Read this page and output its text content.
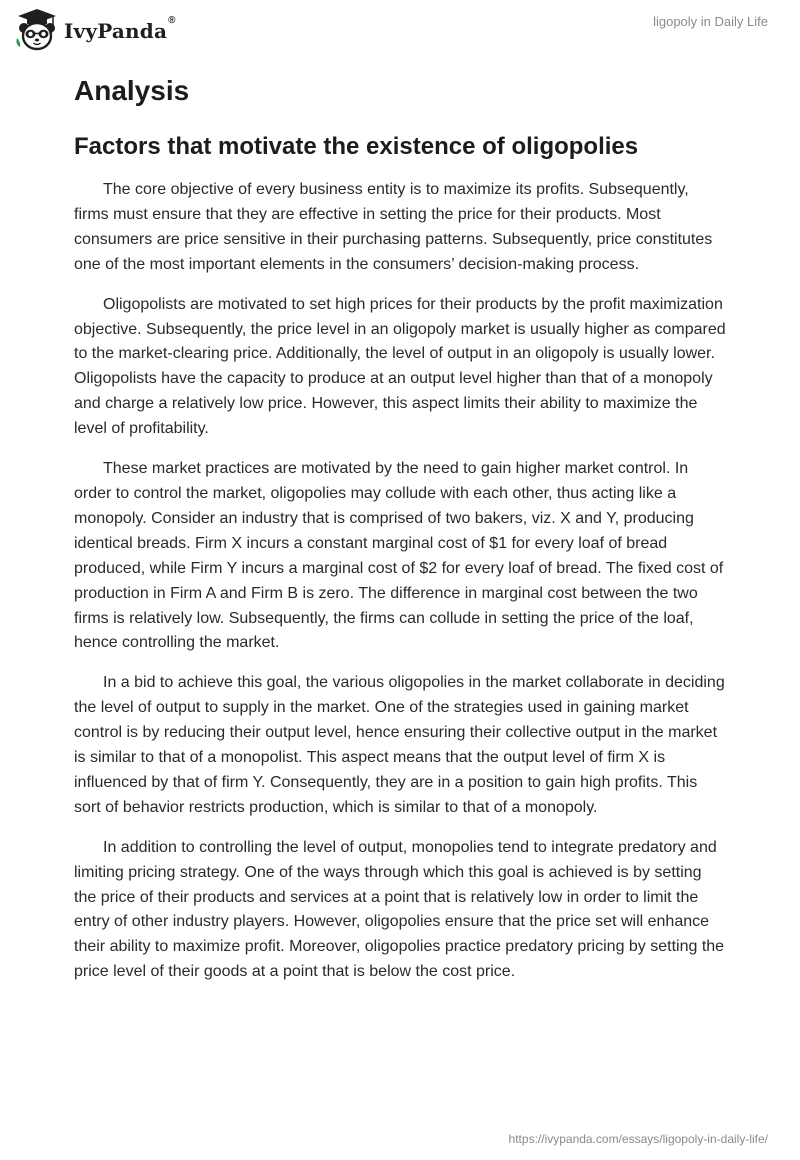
IvyPanda®	ligopoly in Daily Life
Analysis
Factors that motivate the existence of oligopolies

The core objective of every business entity is to maximize its profits. Subsequently, firms must ensure that they are effective in setting the price for their products. Most consumers are price sensitive in their purchasing patterns. Subsequently, price constitutes one of the most important elements in the consumers’ decision-making process.

Oligopolists are motivated to set high prices for their products by the profit maximization objective. Subsequently, the price level in an oligopoly market is usually higher as compared to the market-clearing price. Additionally, the level of output in an oligopoly is usually lower. Oligopolists have the capacity to produce at an output level higher than that of a monopoly and charge a relatively low price. However, this aspect limits their ability to maximize the level of profitability.

These market practices are motivated by the need to gain higher market control. In order to control the market, oligopolies may collude with each other, thus acting like a monopoly. Consider an industry that is comprised of two bakers, viz. X and Y, producing identical breads. Firm X incurs a constant marginal cost of $1 for every loaf of bread produced, while Firm Y incurs a marginal cost of $2 for every loaf of bread. The fixed cost of production in Firm A and Firm B is zero. The difference in marginal cost between the two firms is relatively low. Subsequently, the firms can collude in setting the price of the loaf, hence controlling the market.

In a bid to achieve this goal, the various oligopolies in the market collaborate in deciding the level of output to supply in the market. One of the strategies used in gaining market control is by reducing their output level, hence ensuring their collective output in the market is similar to that of a monopolist. This aspect means that the output level of firm X is influenced by that of firm Y. Consequently, they are in a position to gain high profits. This sort of behavior restricts production, which is similar to that of a monopoly.

In addition to controlling the level of output, monopolies tend to integrate predatory and limiting pricing strategy. One of the ways through which this goal is achieved is by setting the price of their products and services at a point that is relatively low in order to limit the entry of other industry players. However, oligopolies ensure that the price set will enhance their ability to maximize profit. Moreover, oligopolies practice predatory pricing by setting the price level of their goods at a point that is below the cost price.

https://ivypanda.com/essays/ligopoly-in-daily-life/
